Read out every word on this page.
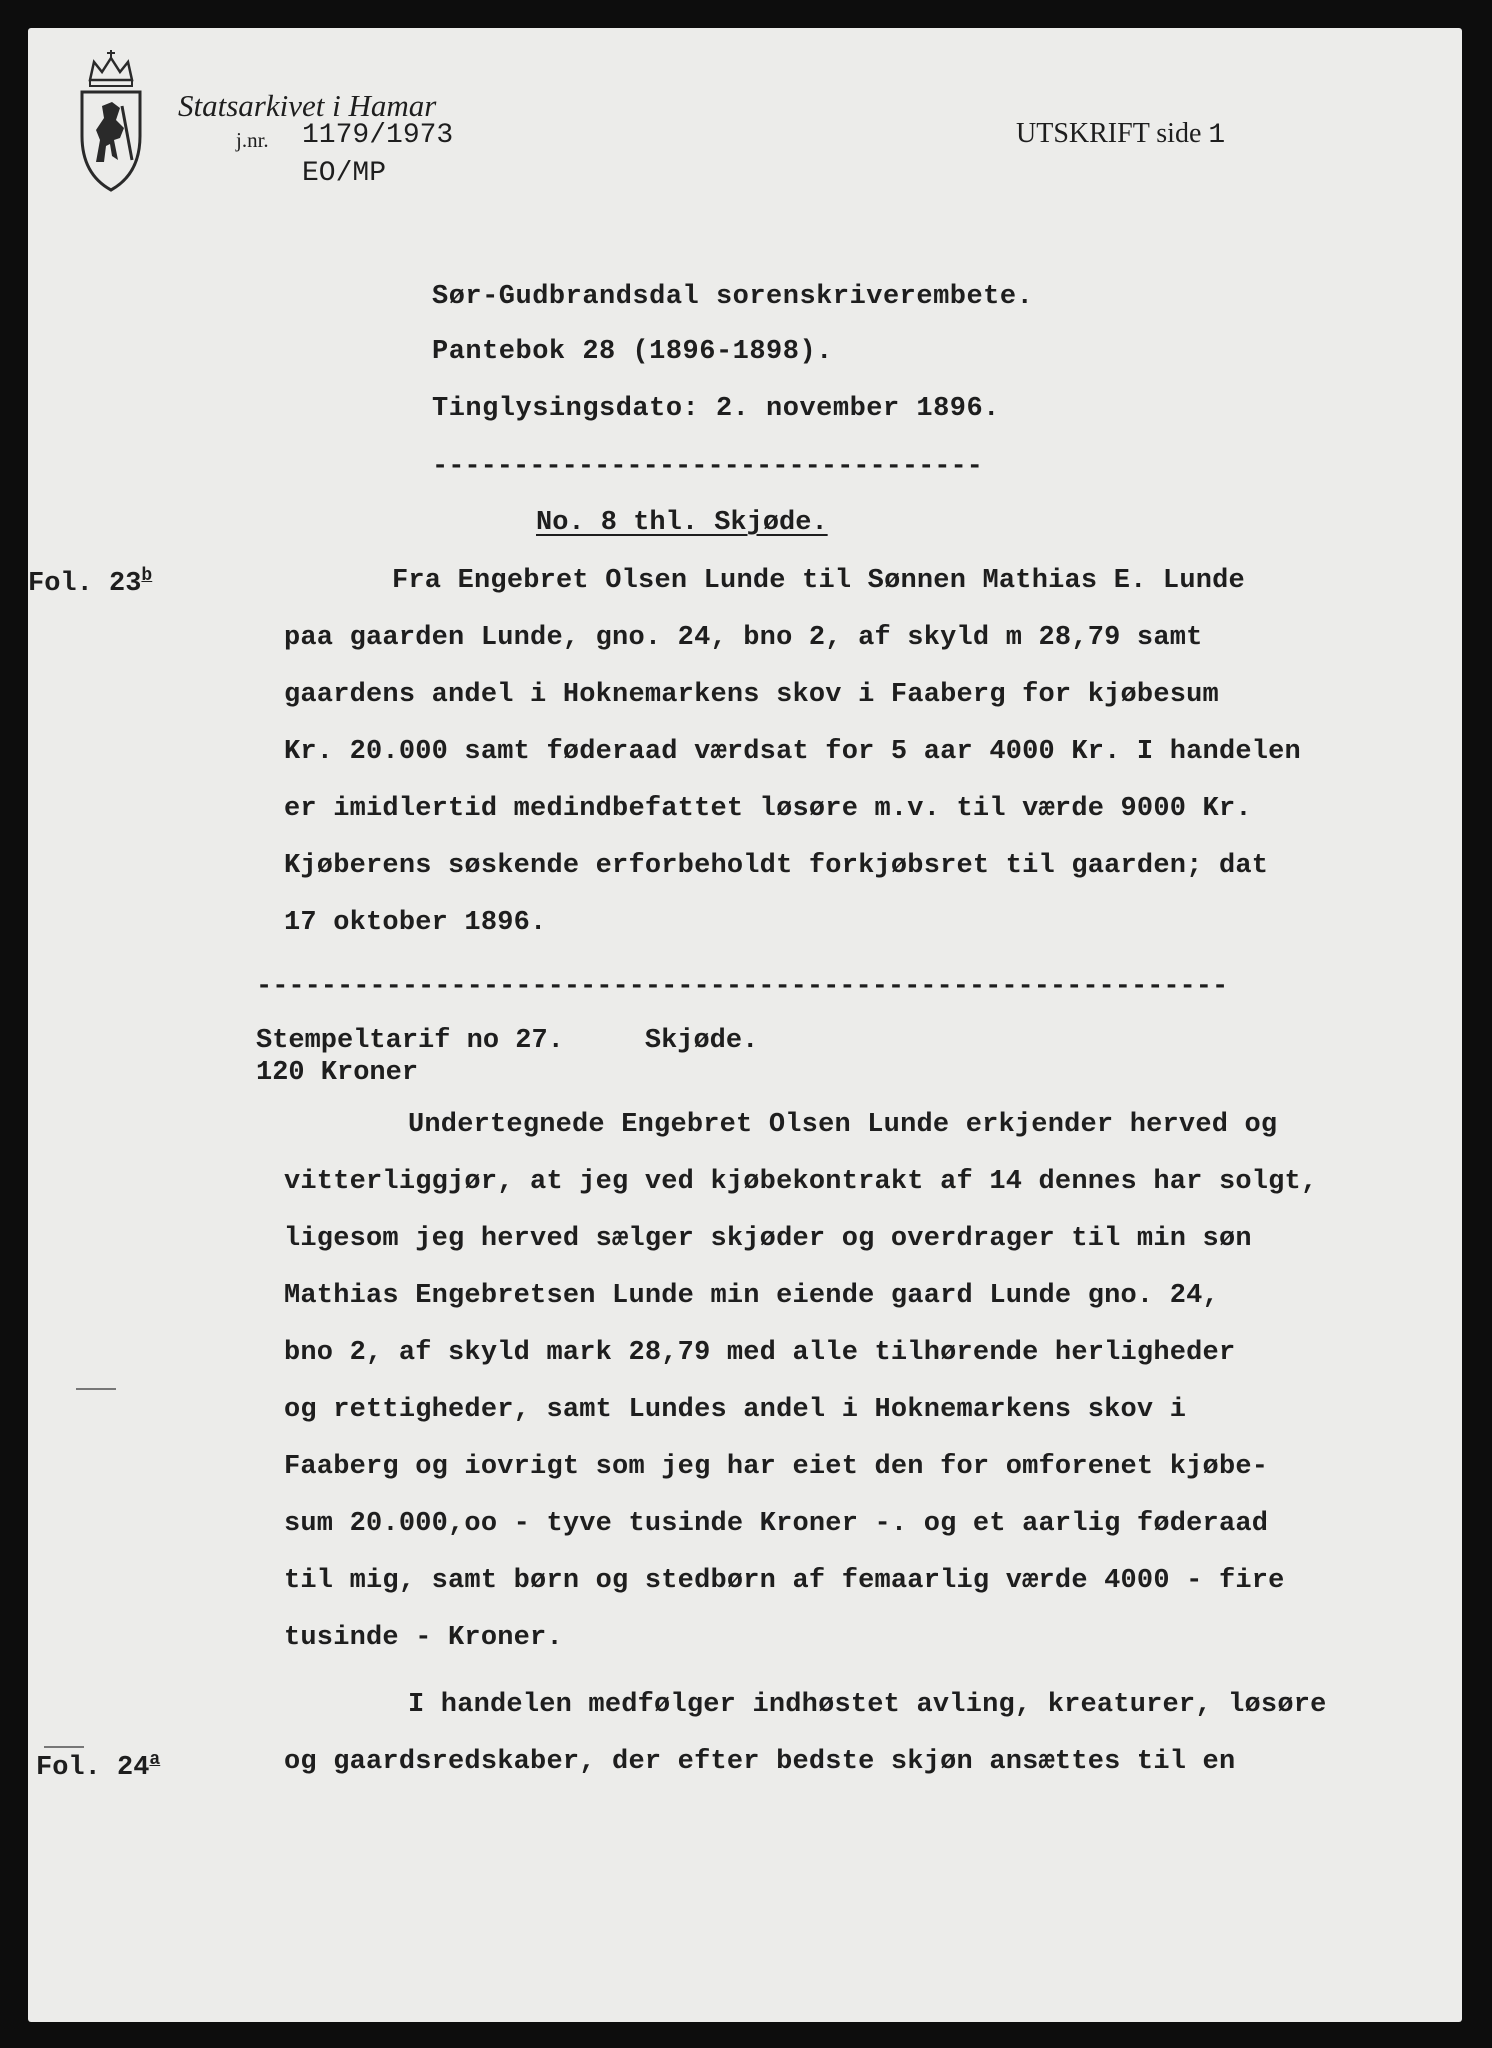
Statsarkivet i Hamar
j.nr. 1179/1973
EO/MP
UTSKRIFT side 1
Sør-Gudbrandsdal sorenskriverembete.
Pantebok 28 (1896-1898).
Tinglysingsdato: 2. november 1896.
----------------------------------
No. 8 thl. Skjøde.
Fol. 23$^b$	Fra Engebret Olsen Lunde til Sønnen Mathias E. Lunde
paa gaarden Lunde, gno. 24, bno 2, af skyld m 28,79 samt
gaardens andel i Hoknemarkens skov i Faaberg for kjøbesum
Kr. 20.000 samt føderaad værdsat for 5 aar 4000 Kr. I handelen
er imidlertid medindbefattet løsøre m.v. til værde 9000 Kr.
Kjøberens søskende erforbeholdt forkjøbsret til gaarden; dat
17 oktober 1896.
------------------------------------------------------------
Stempeltarif no 27.     Skjøde.
120 Kroner
Undertegnede Engebret Olsen Lunde erkjender herved og
vitterliggjør, at jeg ved kjøbekontrakt af 14 dennes har solgt,
ligesom jeg herved sælger skjøder og overdrager til min søn
Mathias Engebretsen Lunde min eiende gaard Lunde gno. 24,
bno 2, af skyld mark 28,79 med alle tilhørende herligheder
og rettigheder, samt Lundes andel i Hoknemarkens skov i
Faaberg og iovrigt som jeg har eiet den for omforenet kjøbe-
sum 20.000,oo - tyve tusinde Kroner -. og et aarlig føderaad
til mig, samt børn og stedbørn af femaarlig værde 4000 - fire
tusinde - Kroner.
I handelen medfølger indhøstet avling, kreaturer, løsøre
og gaardsredskaber, der efter bedste skjøn ansættes til en
Fol. 24$^a$
